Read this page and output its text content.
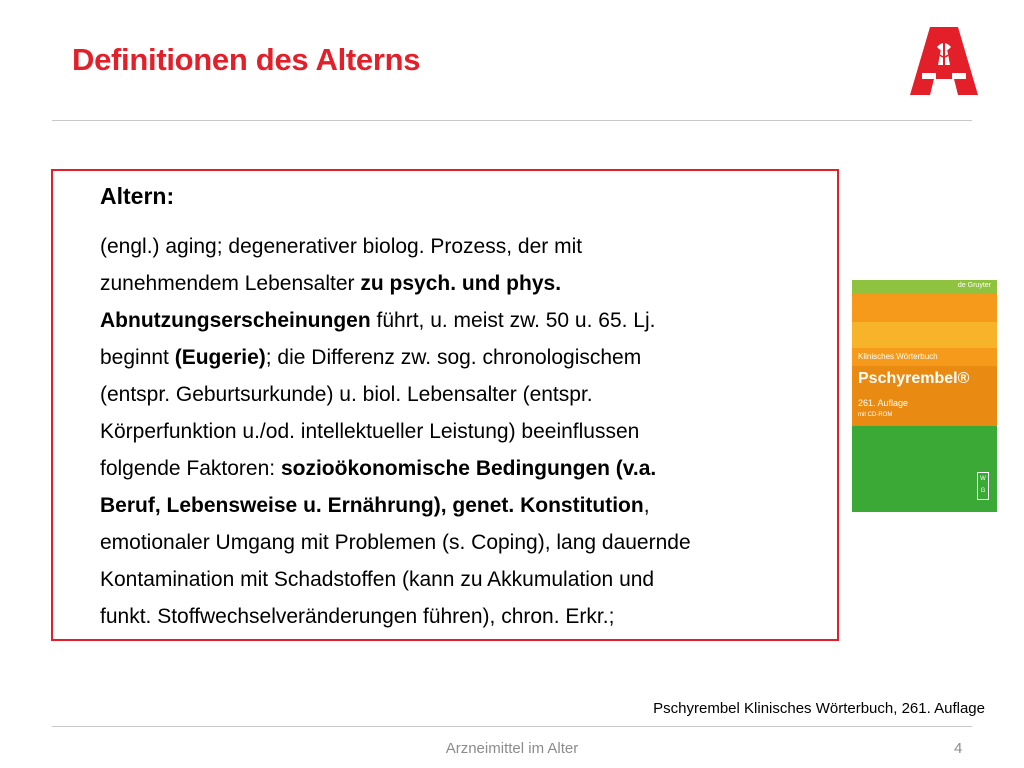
Definitionen des Alterns
Altern:

(engl.) aging; degenerativer biolog. Prozess, der mit
zunehmendem Lebensalter zu psych. und phys.
Abnutzungserscheinungen führt, u. meist zw. 50 u. 65. Lj.
beginnt (Eugerie); die Differenz zw. sog. chronologischem
(entspr. Geburtsurkunde) u. biol. Lebensalter (entspr.
Körperfunktion u./od. intellektueller Leistung) beeinflussen
folgende Faktoren: sozioökonomische Bedingungen (v.a.
Beruf, Lebensweise u. Ernährung), genet. Konstitution,
emotionaler Umgang mit Problemen (s. Coping), lang dauernde
Kontamination mit Schadstoffen (kann zu Akkumulation und
funkt. Stoffwechselveränderungen führen), chron. Erkr.;

de Gruyter
Klinisches Wörterbuch
Pschyrembel®
261. Auflage
mit CD-ROM
W G
Pschyrembel Klinisches Wörterbuch, 261. Auflage
Arzneimittel im Alter	4
